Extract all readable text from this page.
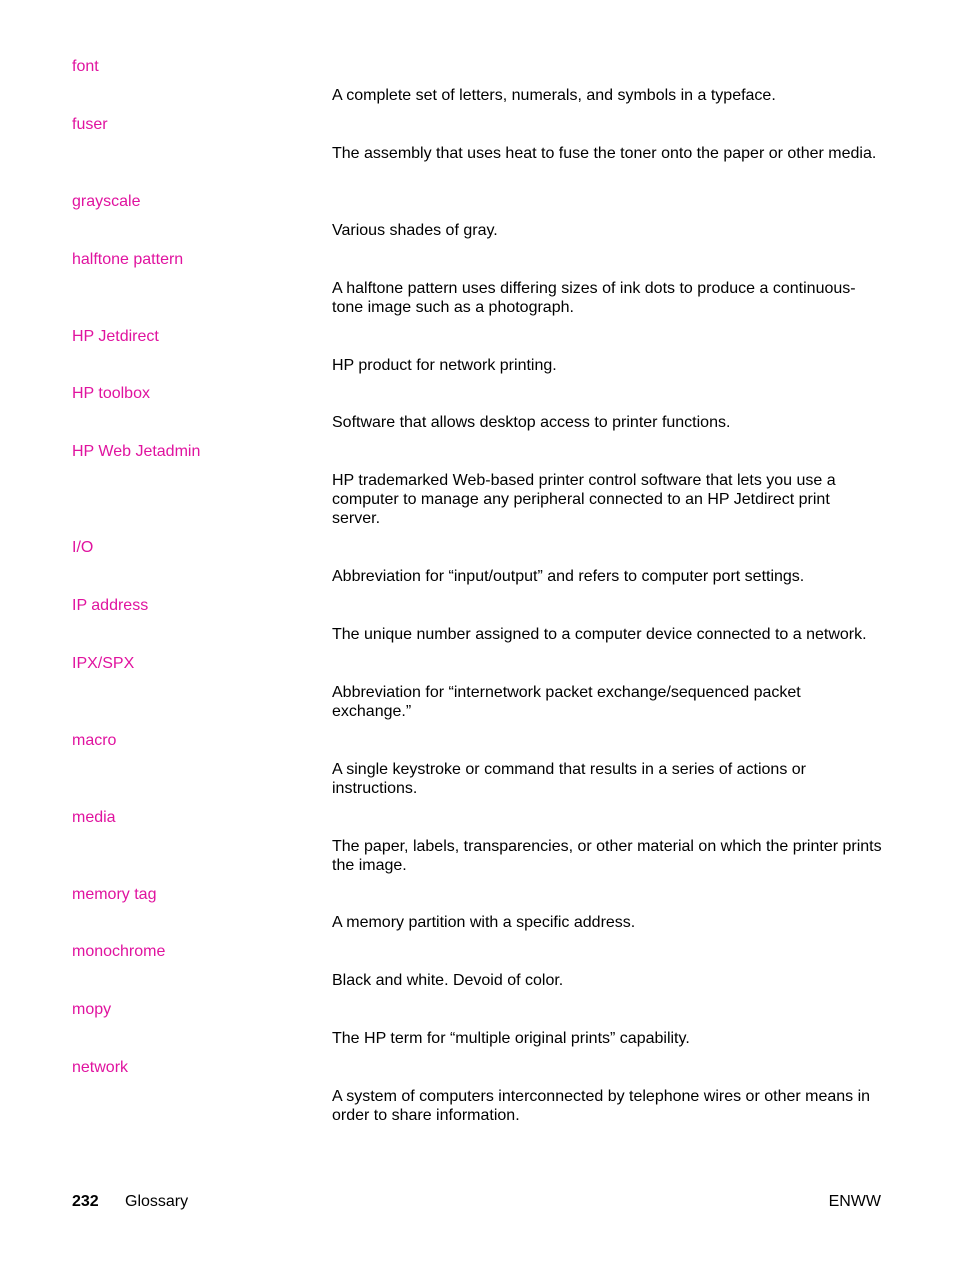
font
A complete set of letters, numerals, and symbols in a typeface.
fuser
The assembly that uses heat to fuse the toner onto the paper or other media.
grayscale
Various shades of gray.
halftone pattern
A halftone pattern uses differing sizes of ink dots to produce a continuous-tone image such as a photograph.
HP Jetdirect
HP product for network printing.
HP toolbox
Software that allows desktop access to printer functions.
HP Web Jetadmin
HP trademarked Web-based printer control software that lets you use a computer to manage any peripheral connected to an HP Jetdirect print server.
I/O
Abbreviation for “input/output” and refers to computer port settings.
IP address
The unique number assigned to a computer device connected to a network.
IPX/SPX
Abbreviation for “internetwork packet exchange/sequenced packet exchange.”
macro
A single keystroke or command that results in a series of actions or instructions.
media
The paper, labels, transparencies, or other material on which the printer prints the image.
memory tag
A memory partition with a specific address.
monochrome
Black and white. Devoid of color.
mopy
The HP term for “multiple original prints” capability.
network
A system of computers interconnected by telephone wires or other means in order to share information.
232 Glossary	ENWW
